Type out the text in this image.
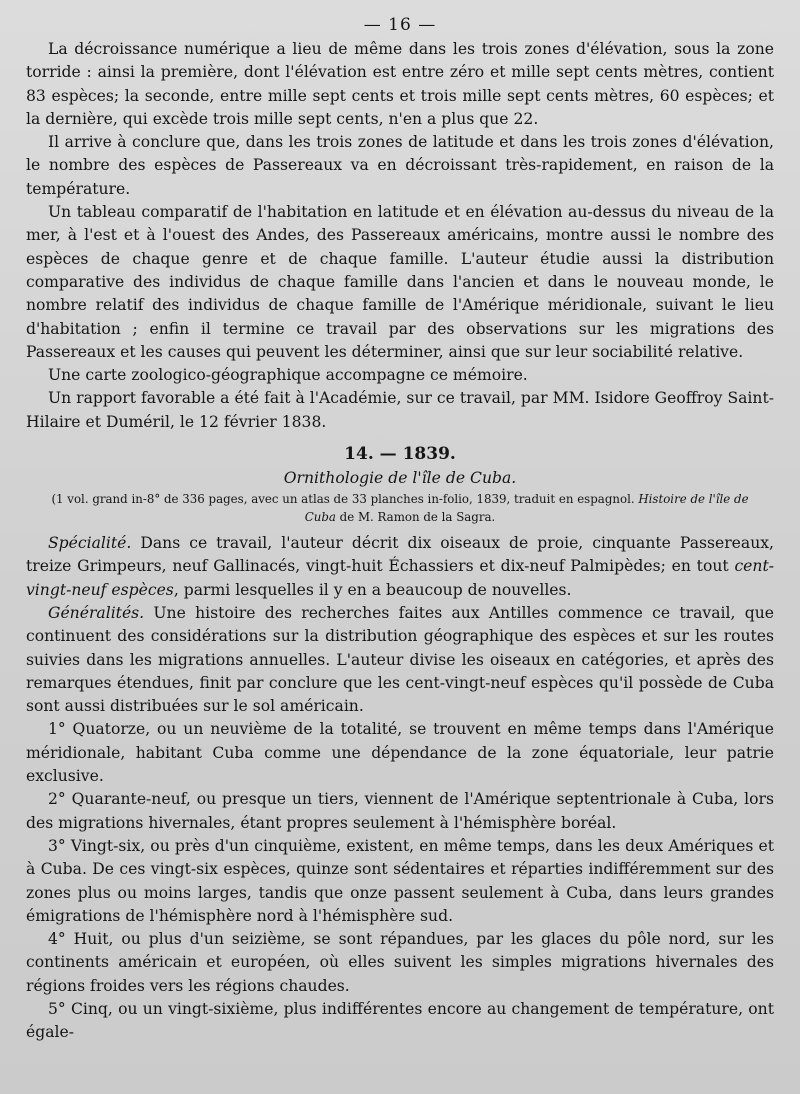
— 16 —

La décroissance numérique a lieu de même dans les trois zones d'élévation, sous la zone torride : ainsi la première, dont l'élévation est entre zéro et mille sept cents mètres, contient 83 espèces; la seconde, entre mille sept cents et trois mille sept cents mètres, 60 espèces; et la dernière, qui excède trois mille sept cents, n'en a plus que 22.

Il arrive à conclure que, dans les trois zones de latitude et dans les trois zones d'élévation, le nombre des espèces de Passereaux va en décroissant très-rapidement, en raison de la température.

Un tableau comparatif de l'habitation en latitude et en élévation au-dessus du niveau de la mer, à l'est et à l'ouest des Andes, des Passereaux américains, montre aussi le nombre des espèces de chaque genre et de chaque famille. L'auteur étudie aussi la distribution comparative des individus de chaque famille dans l'ancien et dans le nouveau monde, le nombre relatif des individus de chaque famille de l'Amérique méridionale, suivant le lieu d'habitation ; enfin il termine ce travail par des observations sur les migrations des Passereaux et les causes qui peuvent les déterminer, ainsi que sur leur sociabilité relative.

Une carte zoologico-géographique accompagne ce mémoire.

Un rapport favorable a été fait à l'Académie, sur ce travail, par MM. Isidore Geoffroy Saint-Hilaire et Duméril, le 12 février 1838.

14. — 1839.
Ornithologie de l'île de Cuba.
(1 vol. grand in-8° de 336 pages, avec un atlas de 33 planches in-folio, 1839, traduit en espagnol. Histoire de l'île de Cuba de M. Ramon de la Sagra.

Spécialité. Dans ce travail, l'auteur décrit dix oiseaux de proie, cinquante Passereaux, treize Grimpeurs, neuf Gallinacés, vingt-huit Échassiers et dix-neuf Palmipèdes; en tout cent-vingt-neuf espèces, parmi lesquelles il y en a beaucoup de nouvelles.

Généralités. Une histoire des recherches faites aux Antilles commence ce travail, que continuent des considérations sur la distribution géographique des espèces et sur les routes suivies dans les migrations annuelles. L'auteur divise les oiseaux en catégories, et après des remarques étendues, finit par conclure que les cent-vingt-neuf espèces qu'il possède de Cuba sont aussi distribuées sur le sol américain.

1° Quatorze, ou un neuvième de la totalité, se trouvent en même temps dans l'Amérique méridionale, habitant Cuba comme une dépendance de la zone équatoriale, leur patrie exclusive.

2° Quarante-neuf, ou presque un tiers, viennent de l'Amérique septentrionale à Cuba, lors des migrations hivernales, étant propres seulement à l'hémisphère boréal.

3° Vingt-six, ou près d'un cinquième, existent, en même temps, dans les deux Amériques et à Cuba. De ces vingt-six espèces, quinze sont sédentaires et réparties indifféremment sur des zones plus ou moins larges, tandis que onze passent seulement à Cuba, dans leurs grandes émigrations de l'hémisphère nord à l'hémisphère sud.

4° Huit, ou plus d'un seizième, se sont répandues, par les glaces du pôle nord, sur les continents américain et européen, où elles suivent les simples migrations hivernales des régions froides vers les régions chaudes.

5° Cinq, ou un vingt-sixième, plus indifférentes encore au changement de température, ont égale-
